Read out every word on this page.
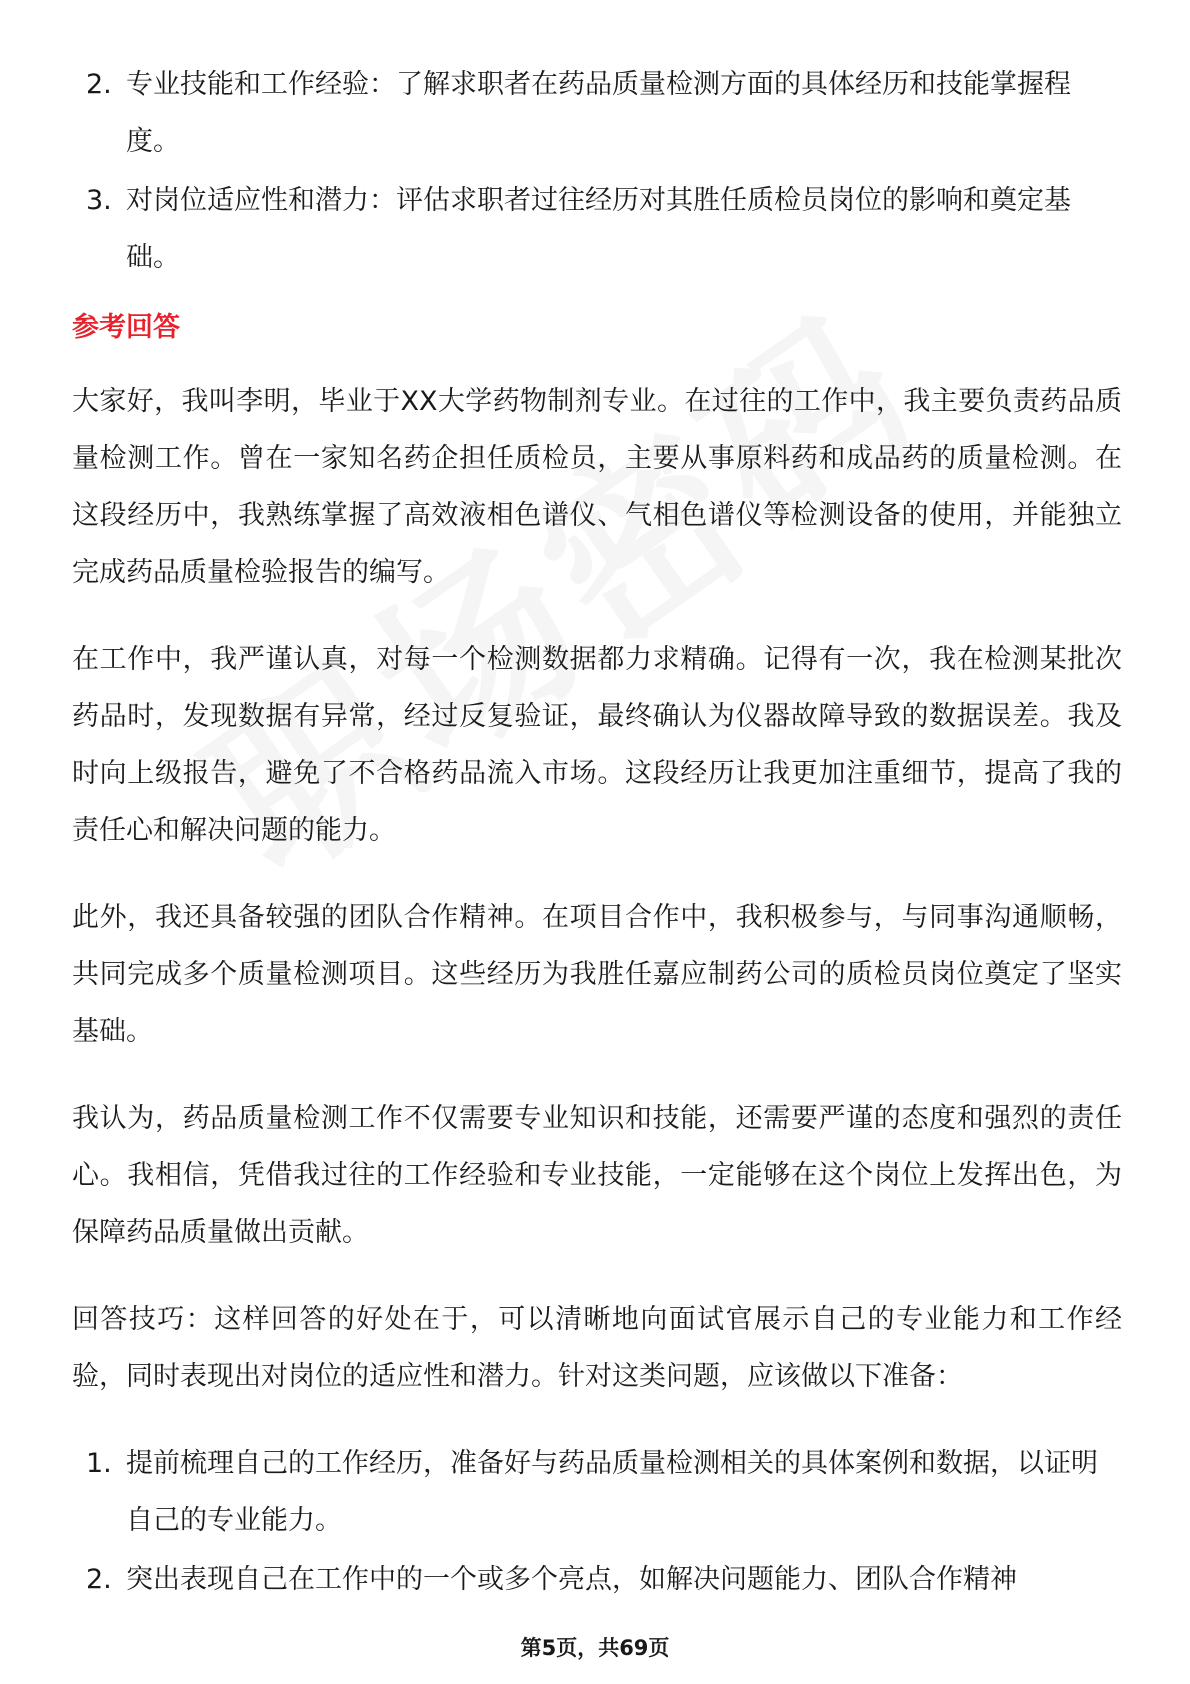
2. 专业技能和工作经验：了解求职者在药品质量检测方面的具体经历和技能掌握程度。
3. 对岗位适应性和潜力：评估求职者过往经历对其胜任质检员岗位的影响和奠定基础。
参考回答

大家好，我叫李明，毕业于XX大学药物制剂专业。在过往的工作中，我主要负责药品质量检测工作。曾在一家知名药企担任质检员，主要从事原料药和成品药的质量检测。在这段经历中，我熟练掌握了高效液相色谱仪、气相色谱仪等检测设备的使用，并能独立完成药品质量检验报告的编写。

在工作中，我严谨认真，对每一个检测数据都力求精确。记得有一次，我在检测某批次药品时，发现数据有异常，经过反复验证，最终确认为仪器故障导致的数据误差。我及时向上级报告，避免了不合格药品流入市场。这段经历让我更加注重细节，提高了我的责任心和解决问题的能力。

此外，我还具备较强的团队合作精神。在项目合作中，我积极参与，与同事沟通顺畅，共同完成多个质量检测项目。这些经历为我胜任嘉应制药公司的质检员岗位奠定了坚实基础。

我认为，药品质量检测工作不仅需要专业知识和技能，还需要严谨的态度和强烈的责任心。我相信，凭借我过往的工作经验和专业技能，一定能够在这个岗位上发挥出色，为保障药品质量做出贡献。

回答技巧：这样回答的好处在于，可以清晰地向面试官展示自己的专业能力和工作经验，同时表现出对岗位的适应性和潜力。针对这类问题，应该做以下准备：

1. 提前梳理自己的工作经历，准备好与药品质量检测相关的具体案例和数据，以证明自己的专业能力。
2. 突出表现自己在工作中的一个或多个亮点，如解决问题能力、团队合作精神
第5页，共69页
